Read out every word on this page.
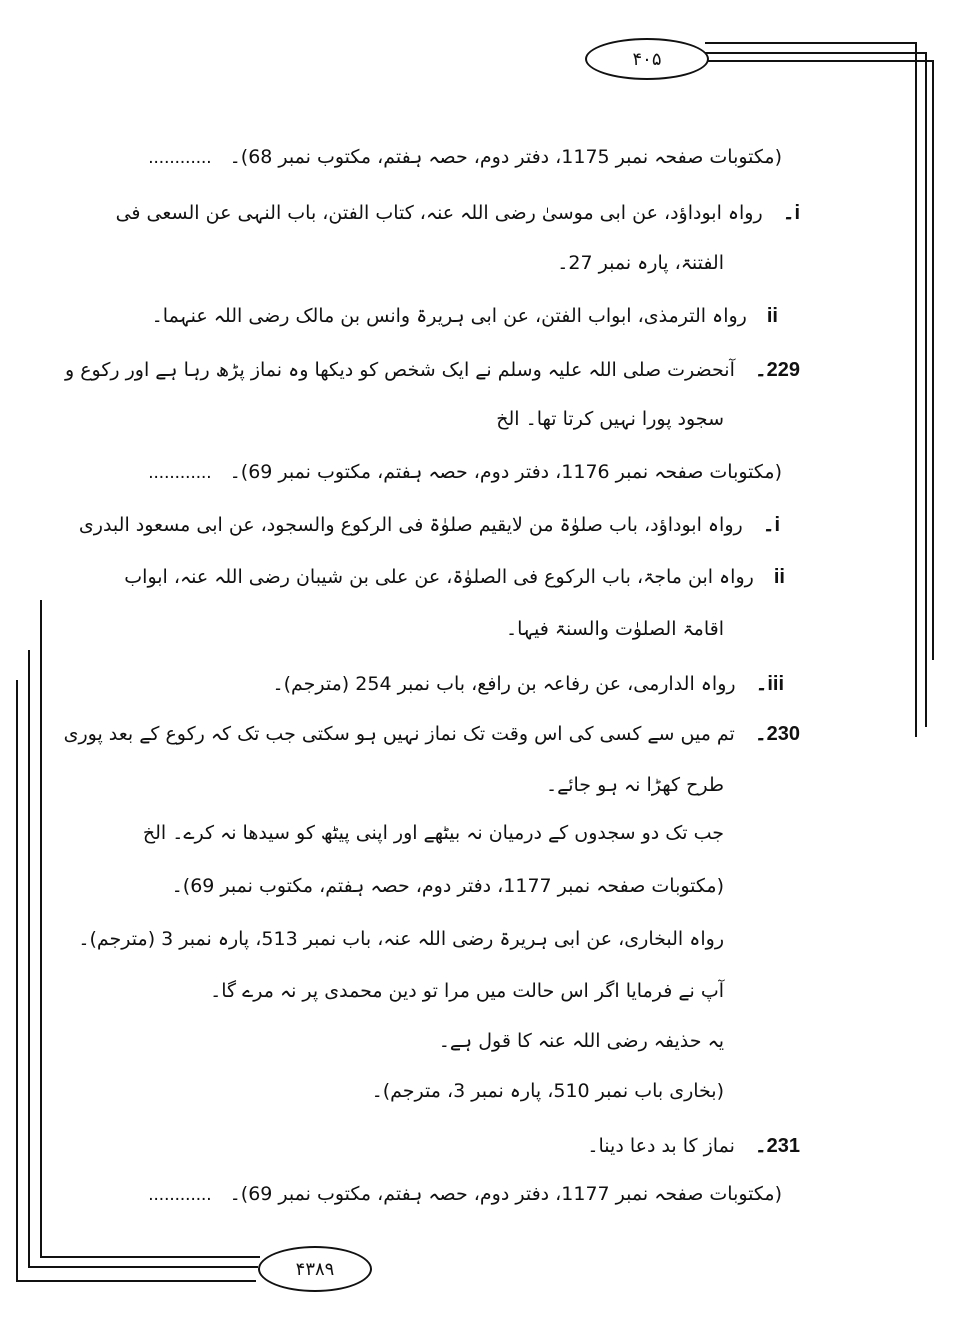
۴۰۵
۴۳۸۹
(مکتوبات صفحہ نمبر 1175، دفتر دوم، حصہ ہفتم، مکتوب نمبر 68)۔ ............
i۔ رواہ ابوداؤد، عن ابی موسیٰ رضی اللہ عنہ، کتاب الفتن، باب النہی عن السعی فی
الفتنۃ، پارہ نمبر 27۔
ii رواہ الترمذی، ابواب الفتن، عن ابی ہریرۃ وانس بن مالک رضی اللہ عنہما۔
229۔ آنحضرت صلی اللہ علیہ وسلم نے ایک شخص کو دیکھا وہ نماز پڑھ رہا ہے اور رکوع و
سجود پورا نہیں کرتا تھا۔ الخ
(مکتوبات صفحہ نمبر 1176، دفتر دوم، حصہ ہفتم، مکتوب نمبر 69)۔ ............
i۔ رواہ ابوداؤد، باب صلوٰۃ من لایقیم صلوٰۃ فی الرکوع والسجود، عن ابی مسعود البدری
ii رواہ ابن ماجۃ، باب الرکوع فی الصلوٰۃ، عن علی بن شیبان رضی اللہ عنہ، ابواب
اقامۃ الصلوٰت والسنۃ فیہا۔
iii۔ رواہ الدارمی، عن رفاعہ بن رافع، باب نمبر 254 (مترجم)۔
230۔ تم میں سے کسی کی اس وقت تک نماز نہیں ہو سکتی جب تک کہ رکوع کے بعد پوری
طرح کھڑا نہ ہو جائے۔
جب تک دو سجدوں کے درمیان نہ بیٹھے اور اپنی پیٹھ کو سیدھا نہ کرے۔ الخ
(مکتوبات صفحہ نمبر 1177، دفتر دوم، حصہ ہفتم، مکتوب نمبر 69)۔
رواہ البخاری، عن ابی ہریرۃ رضی اللہ عنہ، باب نمبر 513، پارہ نمبر 3 (مترجم)۔
آپ نے فرمایا اگر اس حالت میں مرا تو دین محمدی پر نہ مرے گا۔
یہ حذیفہ رضی اللہ عنہ کا قول ہے۔
(بخاری باب نمبر 510، پارہ نمبر 3، مترجم)۔
231۔ نماز کا بد دعا دینا۔
(مکتوبات صفحہ نمبر 1177، دفتر دوم، حصہ ہفتم، مکتوب نمبر 69)۔ ............
